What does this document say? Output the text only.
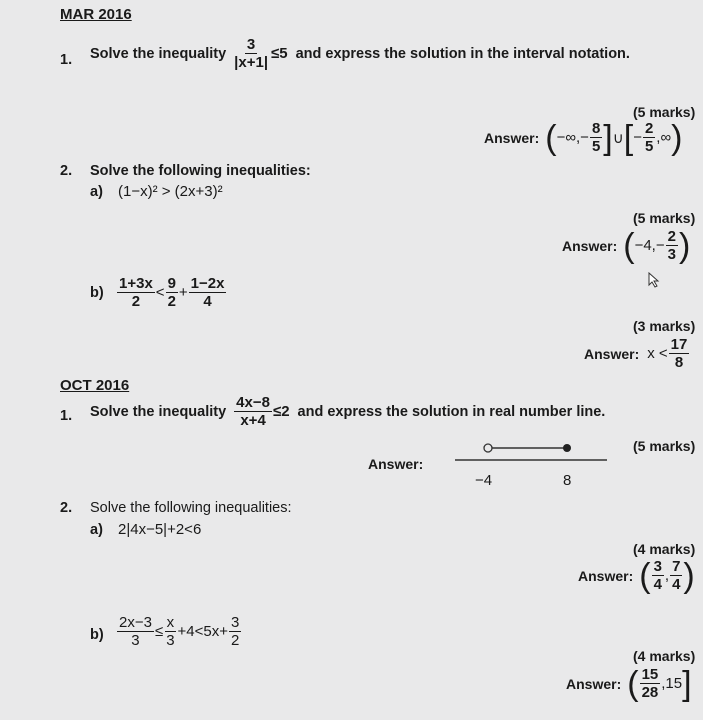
MAR 2016
1. Solve the inequality $\frac{3}{|x+1|} \le 5$ and express the solution in the interval notation.
(5 marks)
Answer: ( −∞,− $\frac{8}{5}$ ] ∪ [ − $\frac{2}{5}$ ,∞ )
2. Solve the following inequalities:
a) (1−x)² > (2x+3)²
(5 marks)
Answer: ( $-4,- \frac{2}{3}$ )
$b) \frac{1+3x}{2} < \frac{9}{2} + \frac{1-2x}{4}$
(3 marks)
Answer: $x < \frac{17}{8}$
OCT 2016
1. Solve the inequality $\frac{4x-8}{x+4} \le 2$ and express the solution in real number line.
(5 marks)
Answer:
−4	8
2. Solve the following inequalities:
a) 2|4x−5|+2<6
(4 marks)
Answer: ( $\frac{3}{4}$ , $\frac{7}{4}$ )
$b) \frac{2x-3}{3} \le \frac{x}{3} +4<5x+ \frac{3}{2}$
(4 marks)
Answer: ( $\frac{15}{28} ,15$ ]
